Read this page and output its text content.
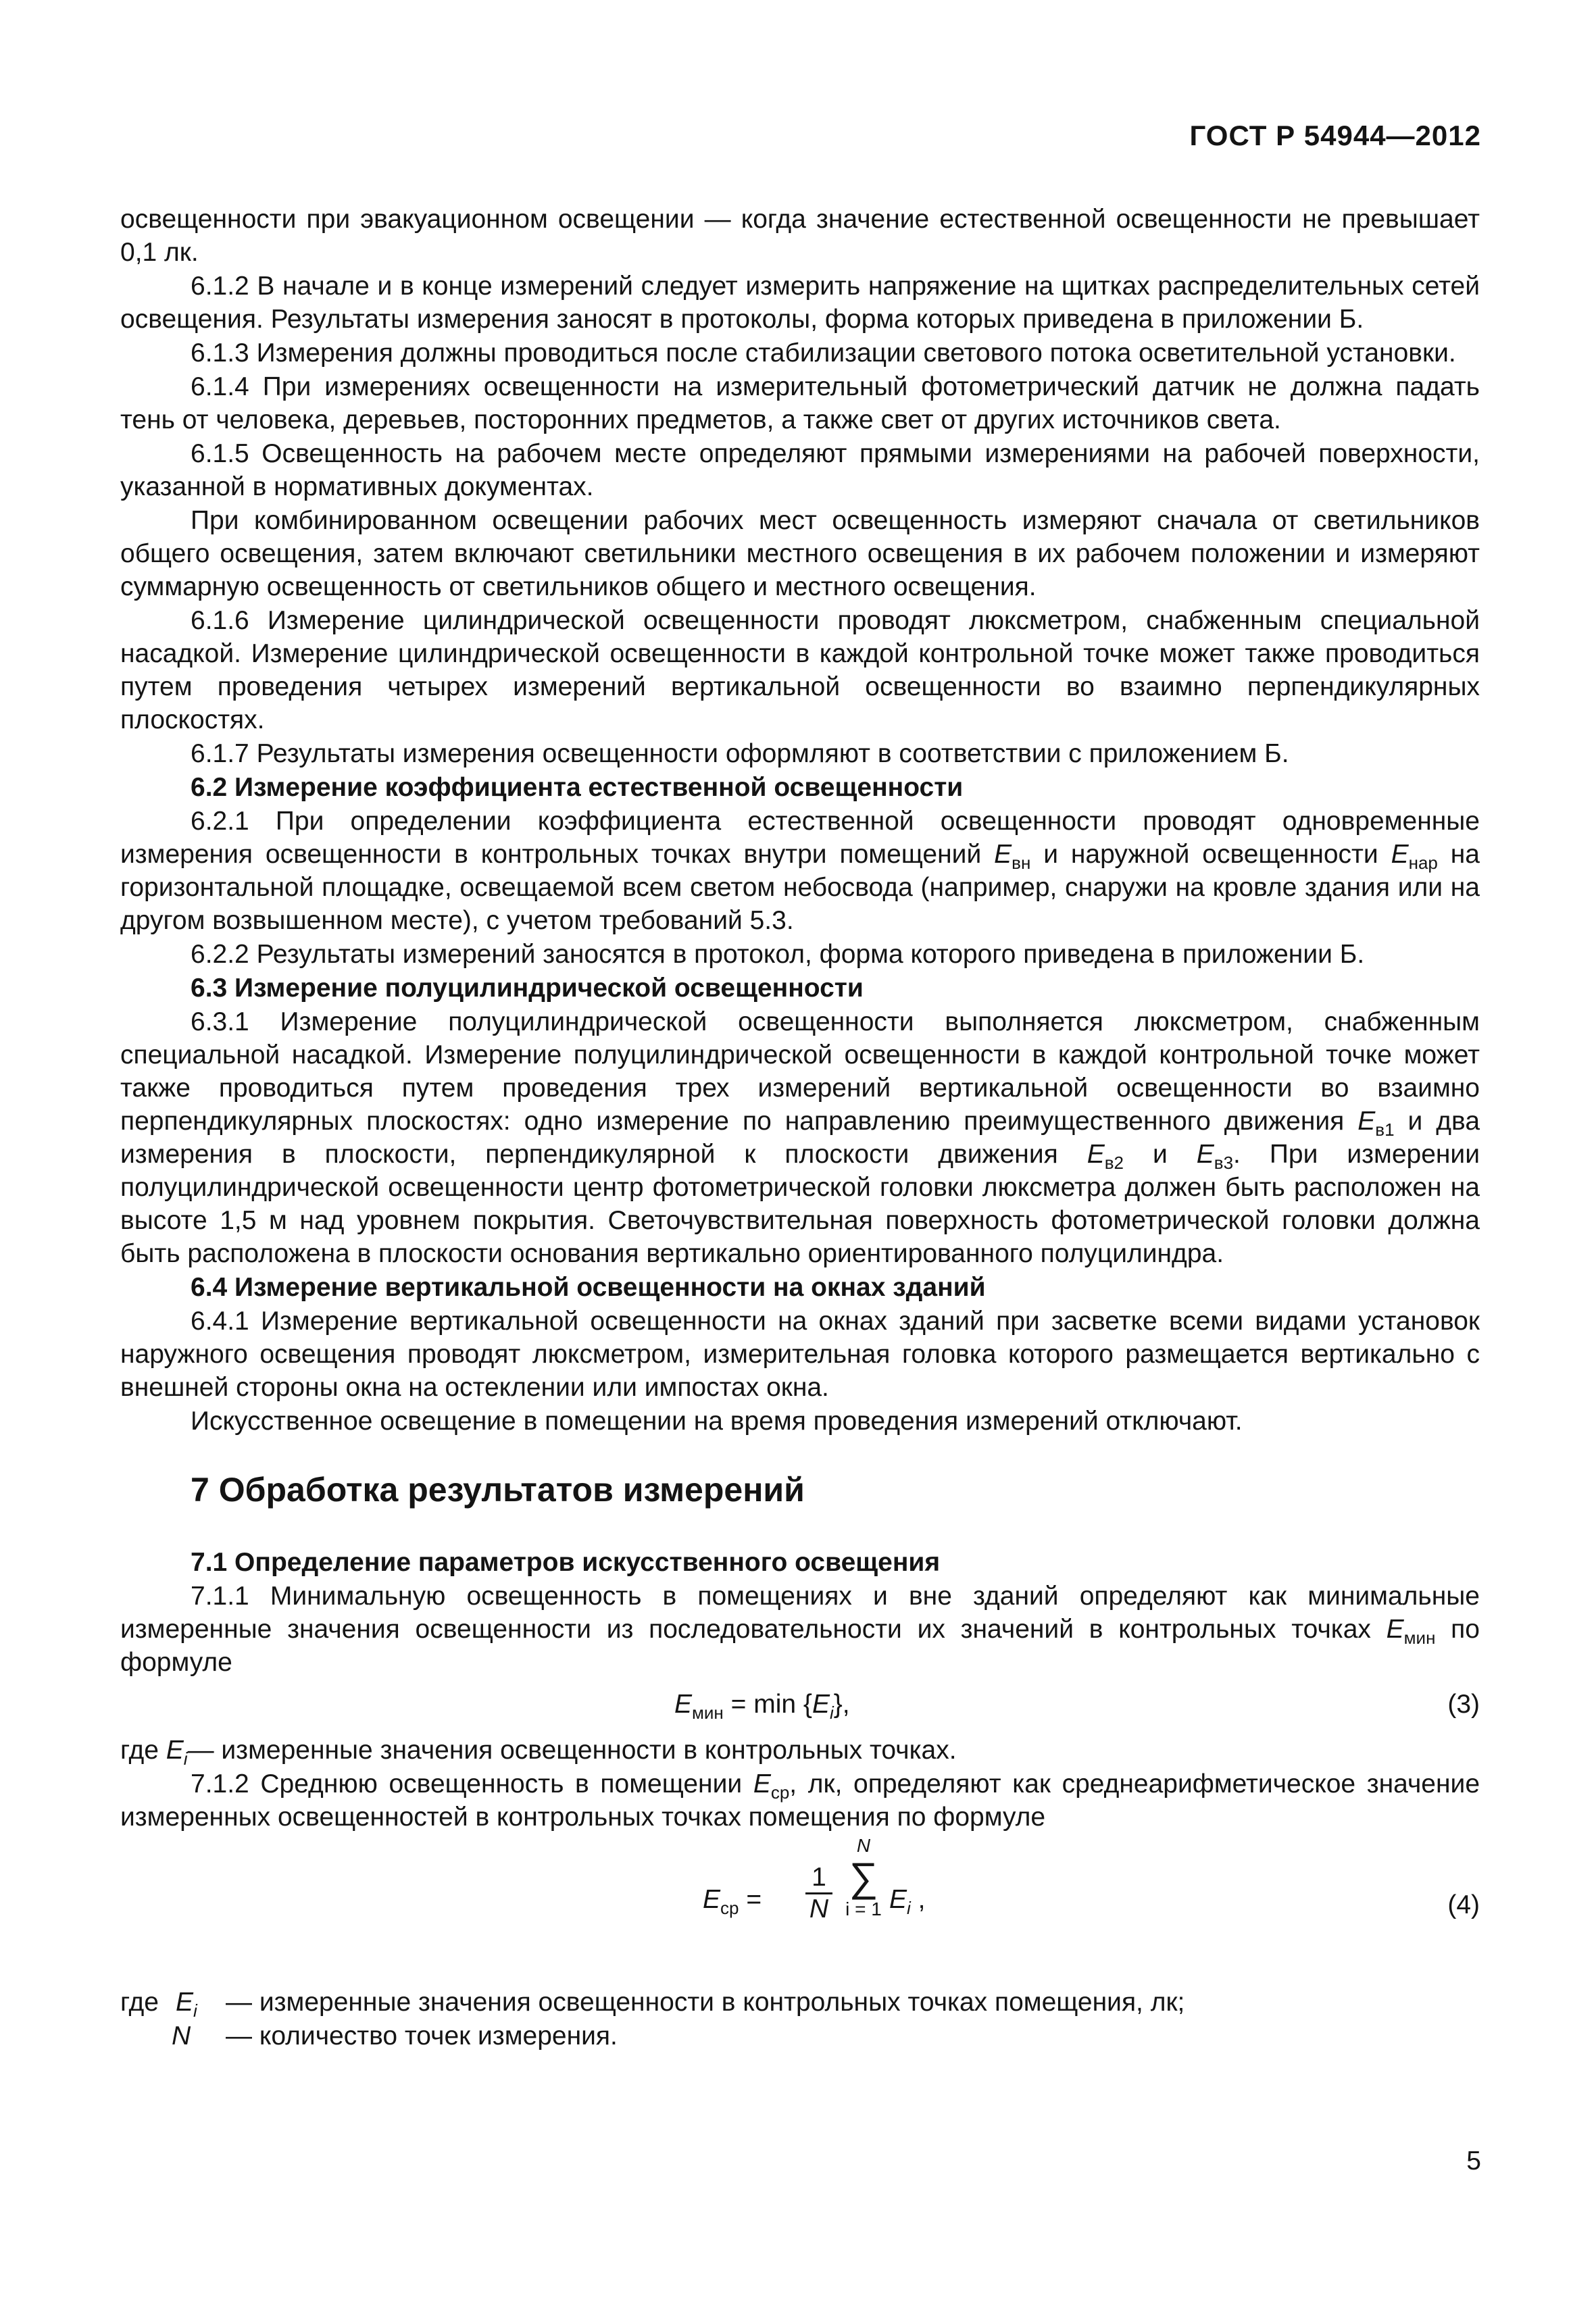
ГОСТ Р 54944—2012

освещенности при эвакуационном освещении — когда значение естественной освещенности не превышает 0,1 лк.

6.1.2 В начале и в конце измерений следует измерить напряжение на щитках распределительных сетей освещения. Результаты измерения заносят в протоколы, форма которых приведена в приложении Б.

6.1.3 Измерения должны проводиться после стабилизации светового потока осветительной установки.

6.1.4 При измерениях освещенности на измерительный фотометрический датчик не должна падать тень от человека, деревьев, посторонних предметов, а также свет от других источников света.

6.1.5 Освещенность на рабочем месте определяют прямыми измерениями на рабочей поверхности, указанной в нормативных документах.

При комбинированном освещении рабочих мест освещенность измеряют сначала от светильников общего освещения, затем включают светильники местного освещения в их рабочем положении и измеряют суммарную освещенность от светильников общего и местного освещения.

6.1.6 Измерение цилиндрической освещенности проводят люксметром, снабженным специальной насадкой. Измерение цилиндрической освещенности в каждой контрольной точке может также проводиться путем проведения четырех измерений вертикальной освещенности во взаимно перпендикулярных плоскостях.

6.1.7 Результаты измерения освещенности оформляют в соответствии с приложением Б.

6.2 Измерение коэффициента естественной освещенности

6.2.1 При определении коэффициента естественной освещенности проводят одновременные измерения освещенности в контрольных точках внутри помещений $E_{вн}$ и наружной освещенности $E_{нар}$ на горизонтальной площадке, освещаемой всем светом небосвода (например, снаружи на кровле здания или на другом возвышенном месте), с учетом требований 5.3.

6.2.2 Результаты измерений заносятся в протокол, форма которого приведена в приложении Б.

6.3 Измерение полуцилиндрической освещенности

6.3.1 Измерение полуцилиндрической освещенности выполняется люксметром, снабженным специальной насадкой. Измерение полуцилиндрической освещенности в каждой контрольной точке может также проводиться путем проведения трех измерений вертикальной освещенности во взаимно перпендикулярных плоскостях: одно измерение по направлению преимущественного движения $E_{в1}$ и два измерения в плоскости, перпендикулярной к плоскости движения $E_{в2}$ и $E_{в3}$. При измерении полуцилиндрической освещенности центр фотометрической головки люксметра должен быть расположен на высоте 1,5 м над уровнем покрытия. Светочувствительная поверхность фотометрической головки должна быть расположена в плоскости основания вертикально ориентированного полуцилиндра.

6.4 Измерение вертикальной освещенности на окнах зданий

6.4.1 Измерение вертикальной освещенности на окнах зданий при засветке всеми видами установок наружного освещения проводят люксметром, измерительная головка которого размещается вертикально с внешней стороны окна на остеклении или импостах окна.

Искусственное освещение в помещении на время проведения измерений отключают.

7 Обработка результатов измерений

7.1 Определение параметров искусственного освещения

7.1.1 Минимальную освещенность в помещениях и вне зданий определяют как минимальные измеренные значения освещенности из последовательности их значений в контрольных точках $E_{мин}$ по формуле

$E_{мин} = \min \{E_i\}$,	(3)

где $E_i—$ измеренные значения освещенности в контрольных точках.

7.1.2 Среднюю освещенность в помещении $E_{ср}$, лк, определяют как среднеарифметическое значение измеренных освещенностей в контрольных точках помещения по формуле

$E_{ср}$ =
1
N
N
∑
i = 1 $E_i$ ,	(4)
где $E_i$ — измеренные значения освещенности в контрольных точках помещения, лк;
N — количество точек измерения.
5
